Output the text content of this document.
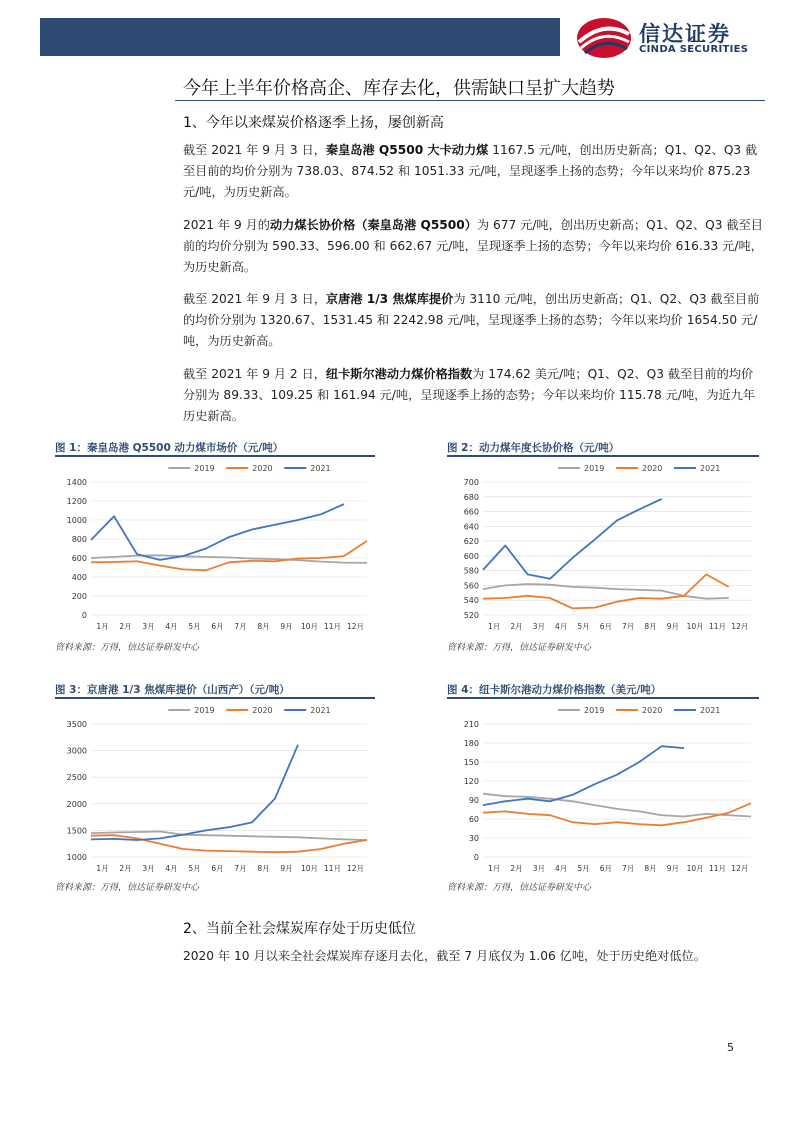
信达证券
CINDA SECURITIES
今年上半年价格高企、库存去化，供需缺口呈扩大趋势
1、今年以来煤炭价格逐季上扬，屡创新高
截至 2021 年 9 月 3 日，秦皇岛港 Q5500 大卡动力煤 1167.5 元/吨，创出历史新高；Q1、Q2、Q3 截至目前的均价分别为 738.03、874.52 和 1051.33 元/吨，呈现逐季上扬的态势；今年以来均价 875.23 元/吨，为历史新高。
2021 年 9 月的动力煤长协价格（秦皇岛港 Q5500）为 677 元/吨，创出历史新高；Q1、Q2、Q3 截至目前的均价分别为 590.33、596.00 和 662.67 元/吨，呈现逐季上扬的态势；今年以来均价 616.33 元/吨，为历史新高。
截至 2021 年 9 月 3 日，京唐港 1/3 焦煤库提价为 3110 元/吨，创出历史新高；Q1、Q2、Q3 截至目前的均价分别为 1320.67、1531.45 和 2242.98 元/吨，呈现逐季上扬的态势；今年以来均价 1654.50 元/吨，为历史新高。
截至 2021 年 9 月 2 日，纽卡斯尔港动力煤价格指数为 174.62 美元/吨；Q1、Q2、Q3 截至目前的均价分别为 89.33、109.25 和 161.94 元/吨，呈现逐季上扬的态势；今年以来均价 115.78 元/吨，为近九年历史新高。
图 1：秦皇岛港 Q5500 动力煤市场价（元/吨）
2019	2020	2021
0
200
400
600
800
1000
1200
1400
1月 2月 3月 4月 5月 6月 7月 8月 9月 10月 11月 12月
资料来源：万得，信达证券研发中心
图 2：动力煤年度长协价格（元/吨）
2019	2020	2021
520
540
560
580
600
620
640
660
680
700
1月 2月 3月 4月 5月 6月 7月 8月 9月 10月 11月 12月
资料来源：万得，信达证券研发中心
图 3：京唐港 1/3 焦煤库提价（山西产）（元/吨）
2019	2020	2021
1000
1500
2000
2500
3000
3500
1月 2月 3月 4月 5月 6月 7月 8月 9月 10月 11月 12月
资料来源：万得，信达证券研发中心
图 4：纽卡斯尔港动力煤价格指数（美元/吨）
2019	2020	2021
0
30
60
90
120
150
180
210
1月 2月 3月 4月 5月 6月 7月 8月 9月 10月 11月 12月
资料来源：万得，信达证券研发中心
2、当前全社会煤炭库存处于历史低位
2020 年 10 月以来全社会煤炭库存逐月去化，截至 7 月底仅为 1.06 亿吨，处于历史绝对低位。
5
